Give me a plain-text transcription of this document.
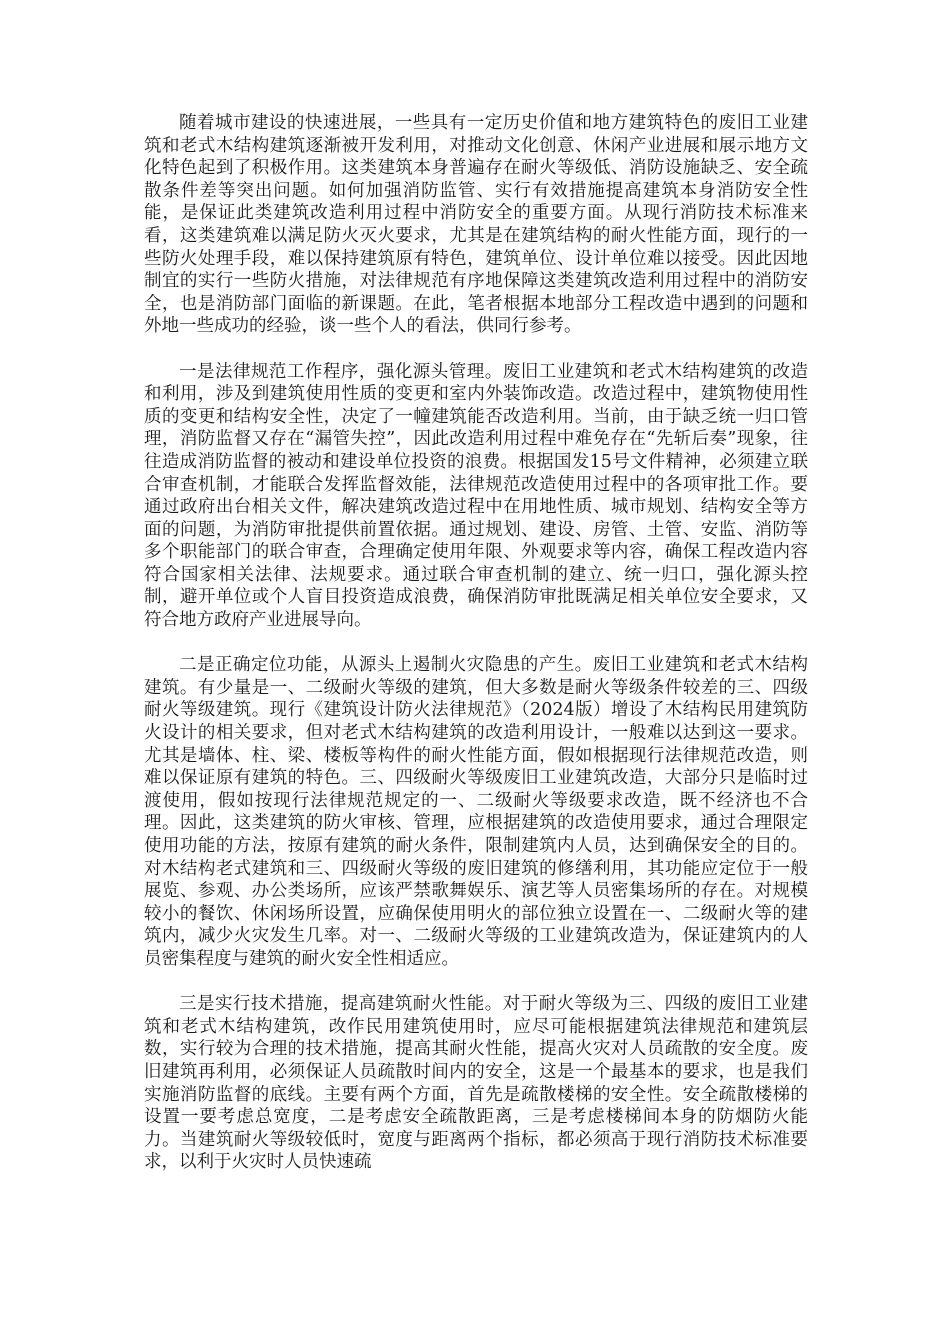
随着城市建设的快速进展，一些具有一定历史价值和地方建筑特色的废旧工业建筑和老式木结构建筑逐渐被开发利用，对推动文化创意、休闲产业进展和展示地方文化特色起到了积极作用。这类建筑本身普遍存在耐火等级低、消防设施缺乏、安全疏散条件差等突出问题。如何加强消防监管、实行有效措施提高建筑本身消防安全性能，是保证此类建筑改造利用过程中消防安全的重要方面。从现行消防技术标准来看，这类建筑难以满足防火灭火要求，尤其是在建筑结构的耐火性能方面，现行的一些防火处理手段，难以保持建筑原有特色，建筑单位、设计单位难以接受。因此因地制宜的实行一些防火措施，对法律规范有序地保障这类建筑改造利用过程中的消防安全，也是消防部门面临的新课题。在此，笔者根据本地部分工程改造中遇到的问题和外地一些成功的经验，谈一些个人的看法，供同行参考。

一是法律规范工作程序，强化源头管理。废旧工业建筑和老式木结构建筑的改造和利用，涉及到建筑使用性质的变更和室内外装饰改造。改造过程中，建筑物使用性质的变更和结构安全性，决定了一幢建筑能否改造利用。当前，由于缺乏统一归口管理，消防监督又存在“漏管失控”，因此改造利用过程中难免存在“先斩后奏”现象，往往造成消防监督的被动和建设单位投资的浪费。根据国发15号文件精神，必须建立联合审查机制，才能联合发挥监督效能，法律规范改造使用过程中的各项审批工作。要通过政府出台相关文件，解决建筑改造过程中在用地性质、城市规划、结构安全等方面的问题，为消防审批提供前置依据。通过规划、建设、房管、土管、安监、消防等多个职能部门的联合审查，合理确定使用年限、外观要求等内容，确保工程改造内容符合国家相关法律、法规要求。通过联合审查机制的建立、统一归口，强化源头控制，避开单位或个人盲目投资造成浪费，确保消防审批既满足相关单位安全要求，又符合地方政府产业进展导向。

二是正确定位功能，从源头上遏制火灾隐患的产生。废旧工业建筑和老式木结构建筑。有少量是一、二级耐火等级的建筑，但大多数是耐火等级条件较差的三、四级耐火等级建筑。现行《建筑设计防火法律规范》（2024版）增设了木结构民用建筑防火设计的相关要求，但对老式木结构建筑的改造利用设计，一般难以达到这一要求。尤其是墙体、柱、梁、楼板等构件的耐火性能方面，假如根据现行法律规范改造，则难以保证原有建筑的特色。三、四级耐火等级废旧工业建筑改造，大部分只是临时过渡使用，假如按现行法律规范规定的一、二级耐火等级要求改造，既不经济也不合理。因此，这类建筑的防火审核、管理，应根据建筑的改造使用要求，通过合理限定使用功能的方法，按原有建筑的耐火条件，限制建筑内人员，达到确保安全的目的。对木结构老式建筑和三、四级耐火等级的废旧建筑的修缮利用，其功能应定位于一般展览、参观、办公类场所，应该严禁歌舞娱乐、演艺等人员密集场所的存在。对规模较小的餐饮、休闲场所设置，应确保使用明火的部位独立设置在一、二级耐火等的建筑内，减少火灾发生几率。对一、二级耐火等级的工业建筑改造为，保证建筑内的人员密集程度与建筑的耐火安全性相适应。

三是实行技术措施，提高建筑耐火性能。对于耐火等级为三、四级的废旧工业建筑和老式木结构建筑，改作民用建筑使用时，应尽可能根据建筑法律规范和建筑层数，实行较为合理的技术措施，提高其耐火性能，提高火灾对人员疏散的安全度。废旧建筑再利用，必须保证人员疏散时间内的安全，这是一个最基本的要求，也是我们实施消防监督的底线。主要有两个方面，首先是疏散楼梯的安全性。安全疏散楼梯的设置一要考虑总宽度，二是考虑安全疏散距离，三是考虑楼梯间本身的防烟防火能力。当建筑耐火等级较低时，宽度与距离两个指标，都必须高于现行消防技术标准要求，以利于火灾时人员快速疏
